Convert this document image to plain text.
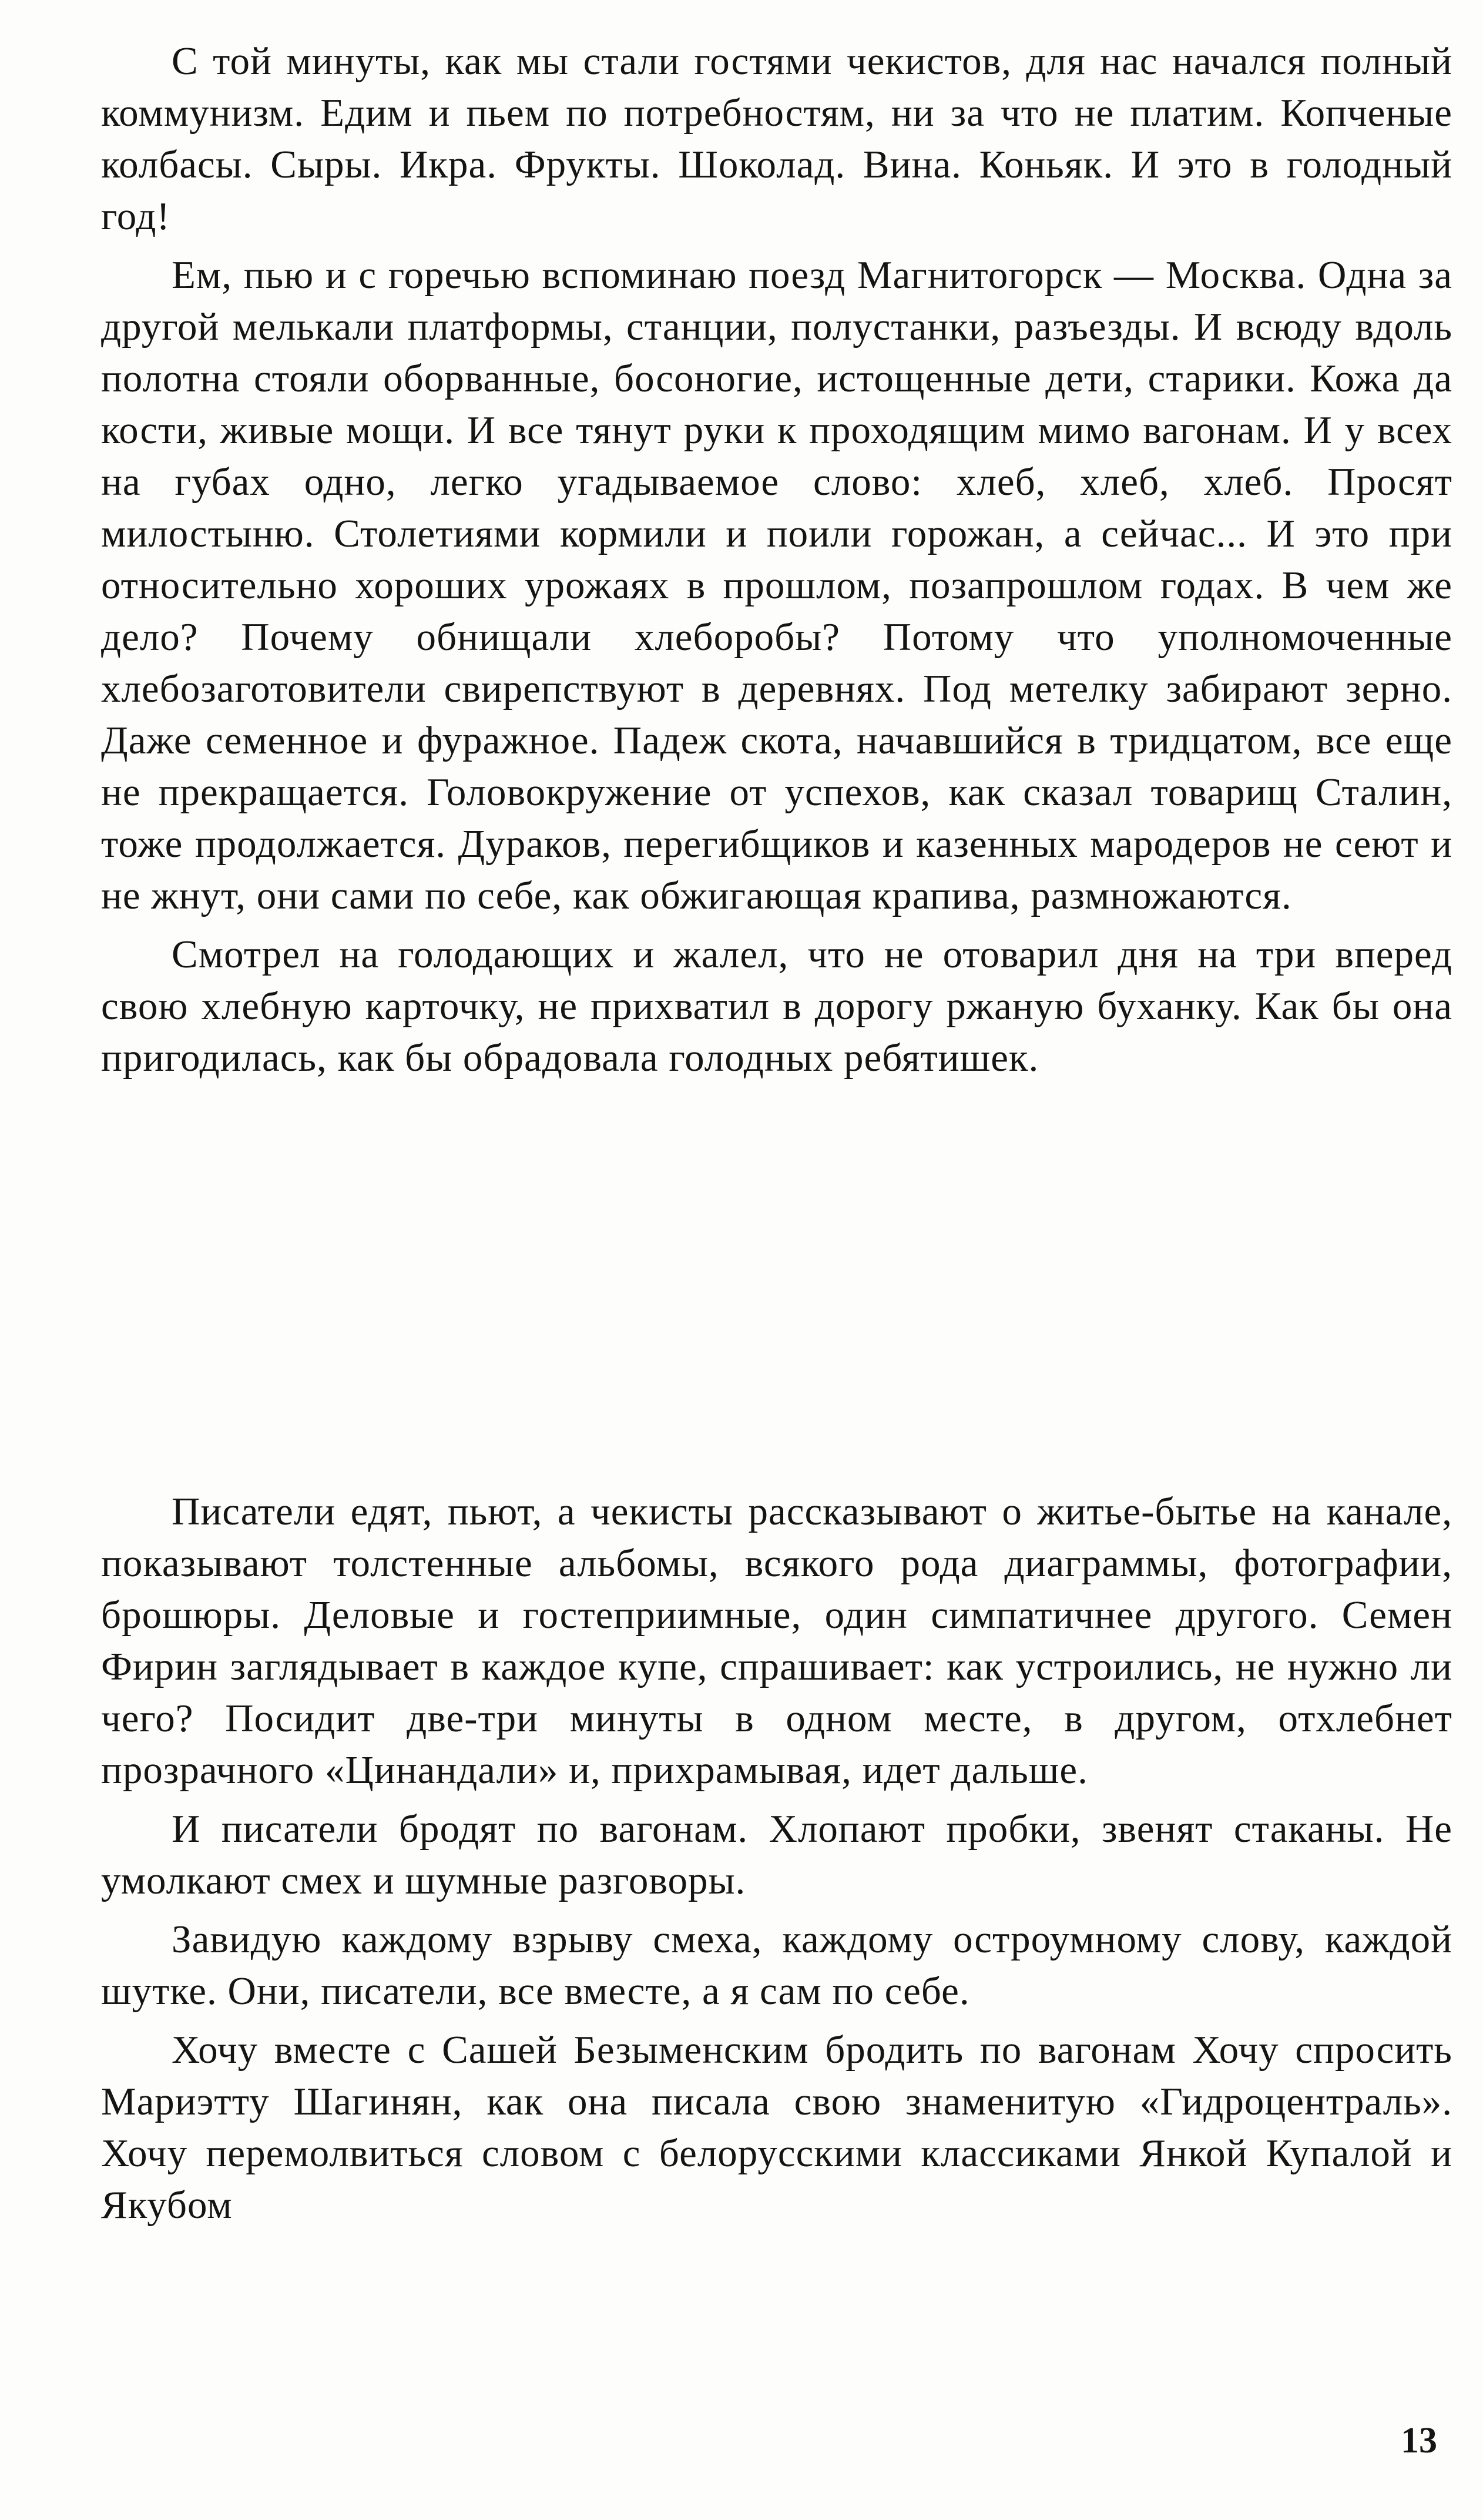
С той минуты, как мы стали гостями чекистов, для нас начался полный коммунизм. Едим и пьем по потребностям, ни за что не платим. Копченые колбасы. Сыры. Икра. Фрукты. Шоколад. Вина. Коньяк. И это в голодный год!

Ем, пью и с горечью вспоминаю поезд Магнитогорск — Москва. Одна за другой мелькали платформы, станции, полустанки, разъезды. И всюду вдоль полотна стояли оборванные, босоногие, истощенные дети, старики. Кожа да кости, живые мощи. И все тянут руки к проходящим мимо вагонам. И у всех на губах одно, легко угадываемое слово: хлеб, хлеб, хлеб. Просят милостыню. Столетиями кормили и поили горожан, а сейчас... И это при относительно хороших урожаях в прошлом, позапрошлом годах. В чем же дело? Почему обнищали хлеборобы? Потому что уполномоченные хлебозаготовители свирепствуют в деревнях. Под метелку забирают зерно. Даже семенное и фуражное. Падеж скота, начавшийся в тридцатом, все еще не прекращается. Головокружение от успехов, как сказал товарищ Сталин, тоже продолжается. Дураков, перегибщиков и казенных мародеров не сеют и не жнут, они сами по себе, как обжигающая крапива, размножаются.

Смотрел на голодающих и жалел, что не отоварил дня на три вперед свою хлебную карточку, не прихватил в дорогу ржаную буханку. Как бы она пригодилась, как бы обрадовала голодных ребятишек.

Писатели едят, пьют, а чекисты рассказывают о житье-бытье на канале, показывают толстенные альбомы, всякого рода диаграммы, фотографии, брошюры. Деловые и гостеприимные, один симпатичнее другого. Семен Фирин заглядывает в каждое купе, спрашивает: как устроились, не нужно ли чего? Посидит две-три минуты в одном месте, в другом, отхлебнет прозрачного «Цинандали» и, прихрамывая, идет дальше.

И писатели бродят по вагонам. Хлопают пробки, звенят стаканы. Не умолкают смех и шумные разговоры.

Завидую каждому взрыву смеха, каждому остроумному слову, каждой шутке. Они, писатели, все вместе, а я сам по себе.

Хочу вместе с Сашей Безыменским бродить по вагонам Хочу спросить Мариэтту Шагинян, как она писала свою знаменитую «Гидроцентраль». Хочу перемолвиться словом с белорусскими классиками Янкой Купалой и Якубом

13
